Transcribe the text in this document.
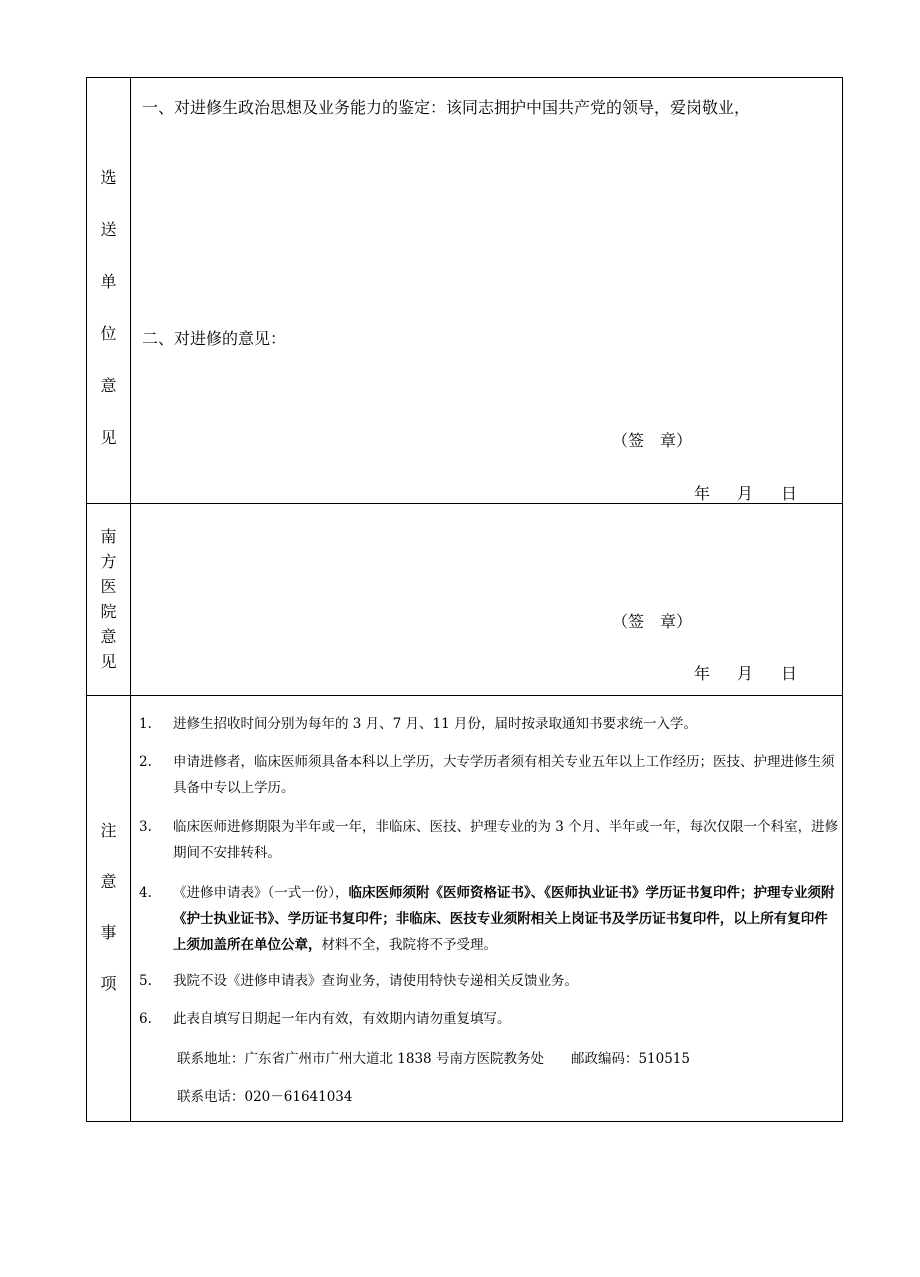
选
送
单
位
意
见
一、对进修生政治思想及业务能力的鉴定：该同志拥护中国共产党的领导，爱岗敬业，
二、对进修的意见：
（签　章）
年 月 日
南
方
医
院
意
见
（签　章）
年 月 日
注
意
事
项
1. 进修生招收时间分别为每年的 3 月、7 月、11 月份，届时按录取通知书要求统一入学。
2. 申请进修者，临床医师须具备本科以上学历，大专学历者须有相关专业五年以上工作经历；医技、护理进修生须具备中专以上学历。
3. 临床医师进修期限为半年或一年，非临床、医技、护理专业的为 3 个月、半年或一年，每次仅限一个科室，进修期间不安排转科。
4. 《进修申请表》（一式一份），临床医师须附《医师资格证书》、《医师执业证书》学历证书复印件；护理专业须附《护士执业证书》、学历证书复印件；非临床、医技专业须附相关上岗证书及学历证书复印件，以上所有复印件上须加盖所在单位公章，材料不全，我院将不予受理。
5. 我院不设《进修申请表》查询业务，请使用特快专递相关反馈业务。
6. 此表自填写日期起一年内有效，有效期内请勿重复填写。
联系地址：广东省广州市广州大道北 1838 号南方医院教务处　　邮政编码：510515
联系电话：020－61641034
